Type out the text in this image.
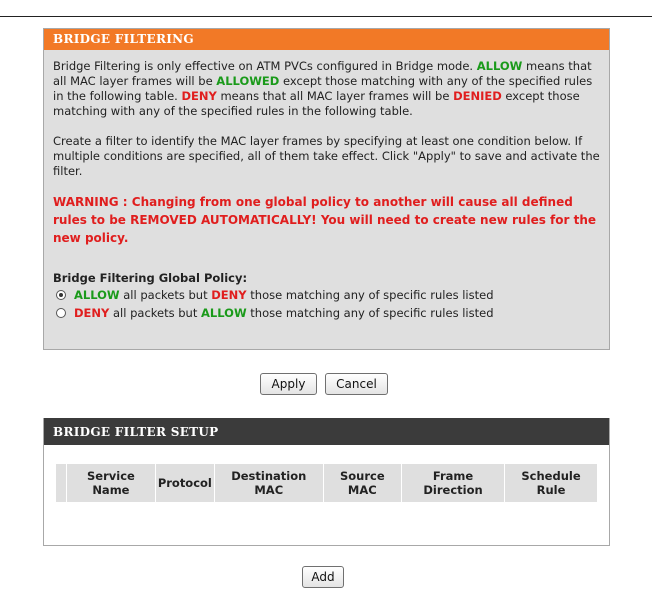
BRIDGE FILTERING

Bridge Filtering is only effective on ATM PVCs configured in Bridge mode. ALLOW means that all MAC layer frames will be ALLOWED except those matching with any of the specified rules in the following table. DENY means that all MAC layer frames will be DENIED except those matching with any of the specified rules in the following table.

Create a filter to identify the MAC layer frames by specifying at least one condition below. If multiple conditions are specified, all of them take effect. Click "Apply" to save and activate the filter.

WARNING : Changing from one global policy to another will cause all defined rules to be REMOVED AUTOMATICALLY! You will need to create new rules for the new policy.

Bridge Filtering Global Policy:

ALLOW all packets but DENY those matching any of specific rules listed
DENY all packets but ALLOW those matching any of specific rules listed
Apply	Cancel
BRIDGE FILTER SETUP
	Service Name	Protocol	Destination MAC	Source MAC	Frame Direction	Schedule Rule
Add
